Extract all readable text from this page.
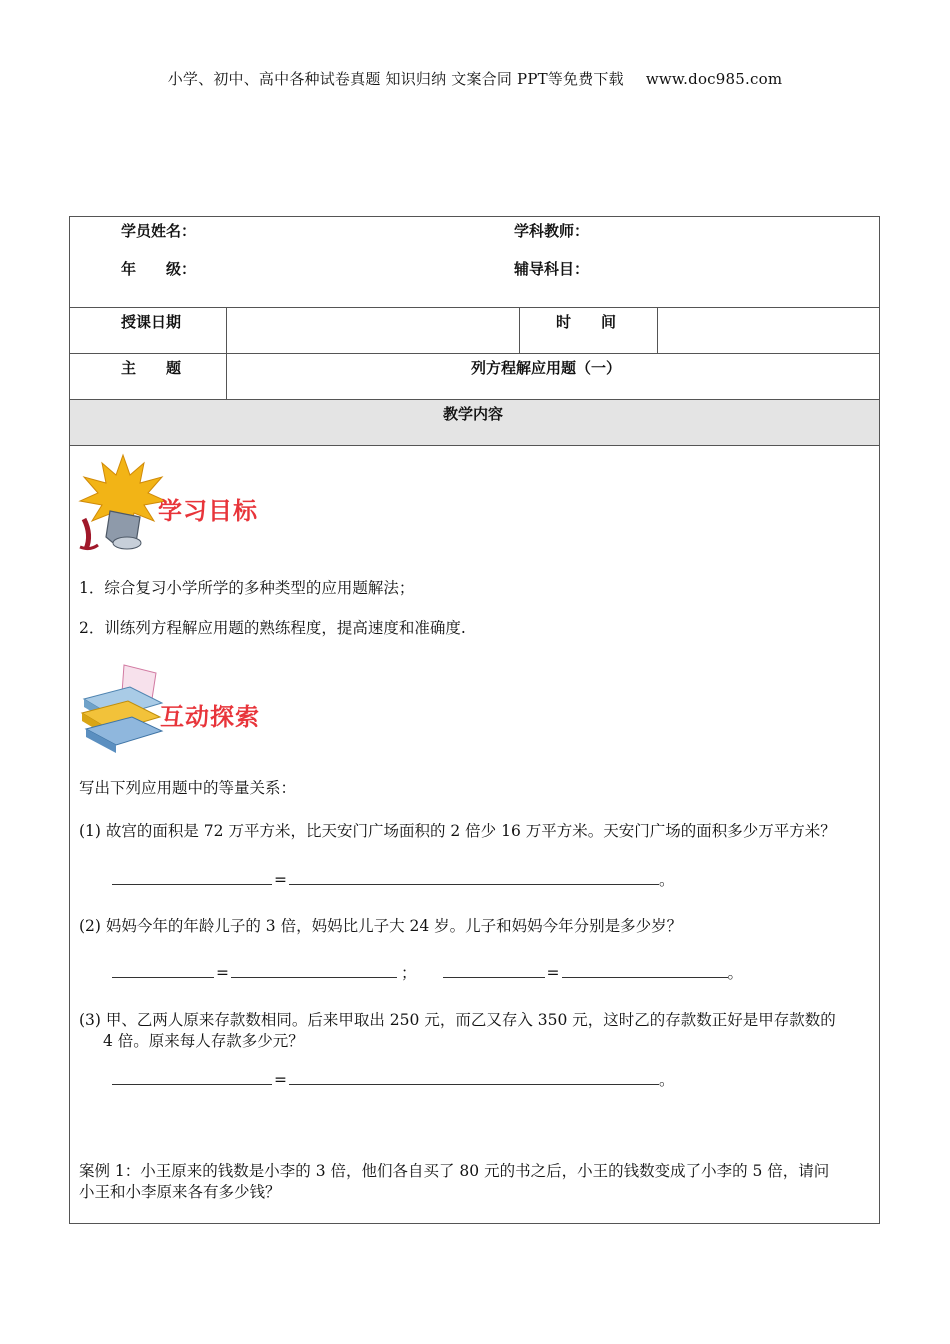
小学、初中、高中各种试卷真题 知识归纳 文案合同 PPT等免费下载 www.doc985.com
学员姓名：	学科教师：
年　　级：	辅导科目：
授课日期	时　　间
主　　题	列方程解应用题（一）
教学内容
学习目标
1．综合复习小学所学的多种类型的应用题解法；
2．训练列方程解应用题的熟练程度，提高速度和准确度.
互动探索
写出下列应用题中的等量关系：
(1) 故宫的面积是 72 万平方米，比天安门广场面积的 2 倍少 16 万平方米。天安门广场的面积多少万平方米？
=	。
(2) 妈妈今年的年龄儿子的 3 倍，妈妈比儿子大 24 岁。儿子和妈妈今年分别是多少岁？
=	；	=	。
(3) 甲、乙两人原来存款数相同。后来甲取出 250 元，而乙又存入 350 元，这时乙的存款数正好是甲存款数的
4 倍。原来每人存款多少元？
=	。
案例 1：小王原来的钱数是小李的 3 倍，他们各自买了 80 元的书之后，小王的钱数变成了小李的 5 倍，请问
小王和小李原来各有多少钱？
